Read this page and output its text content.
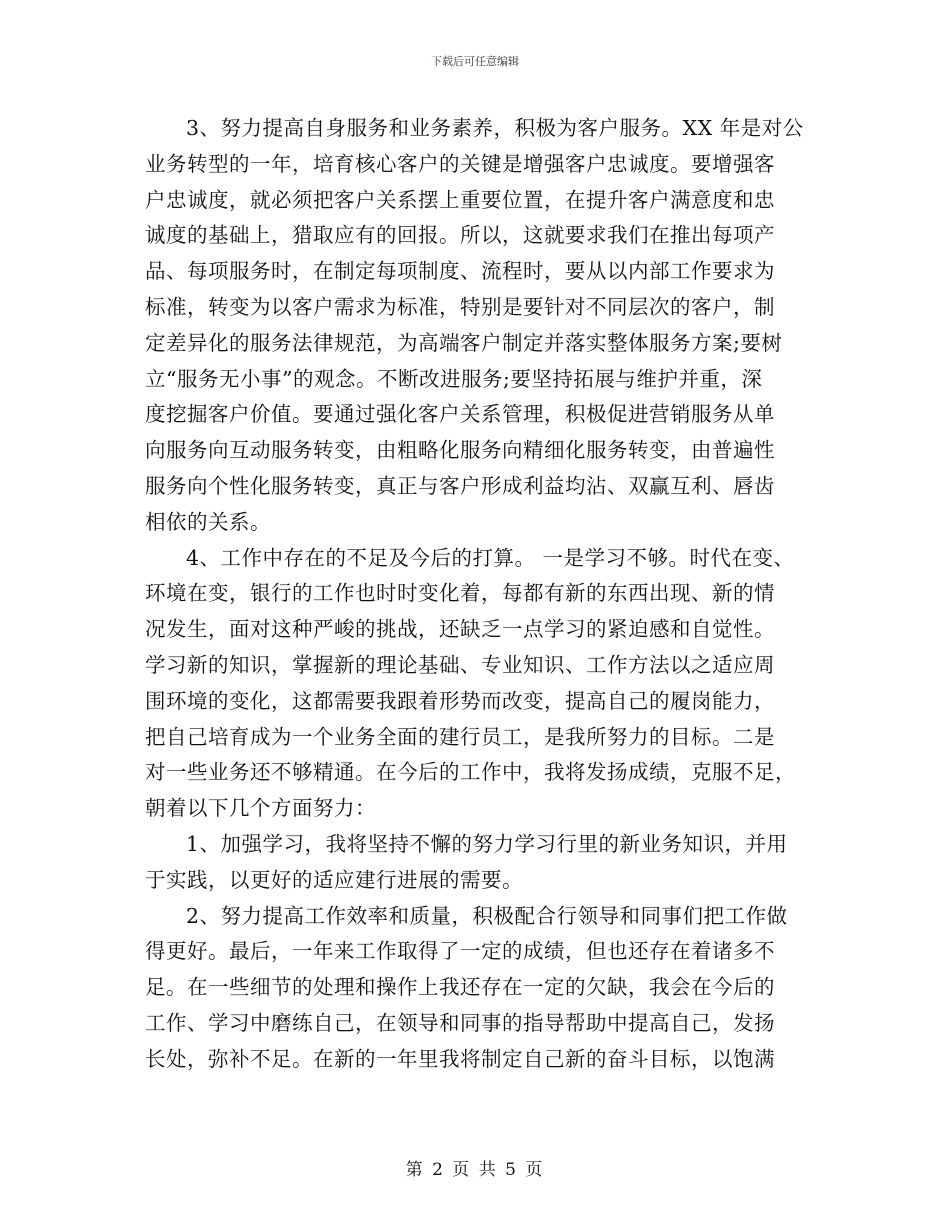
下载后可任意编辑
3、努力提高自身服务和业务素养，积极为客户服务。XX 年是对公
业务转型的一年，培育核心客户的关键是增强客户忠诚度。要增强客
户忠诚度，就必须把客户关系摆上重要位置，在提升客户满意度和忠
诚度的基础上，猎取应有的回报。所以，这就要求我们在推出每项产
品、每项服务时，在制定每项制度、流程时，要从以内部工作要求为
标准，转变为以客户需求为标准，特别是要针对不同层次的客户，制
定差异化的服务法律规范，为高端客户制定并落实整体服务方案;要树
立“服务无小事”的观念。不断改进服务;要坚持拓展与维护并重，深
度挖掘客户价值。要通过强化客户关系管理，积极促进营销服务从单
向服务向互动服务转变，由粗略化服务向精细化服务转变，由普遍性
服务向个性化服务转变，真正与客户形成利益均沾、双赢互利、唇齿
相依的关系。
4、工作中存在的不足及今后的打算。 一是学习不够。时代在变、
环境在变，银行的工作也时时变化着，每都有新的东西出现、新的情
况发生，面对这种严峻的挑战，还缺乏一点学习的紧迫感和自觉性。
学习新的知识，掌握新的理论基础、专业知识、工作方法以之适应周
围环境的变化，这都需要我跟着形势而改变，提高自己的履岗能力，
把自己培育成为一个业务全面的建行员工，是我所努力的目标。二是
对一些业务还不够精通。在今后的工作中，我将发扬成绩，克服不足，
朝着以下几个方面努力：
1、加强学习，我将坚持不懈的努力学习行里的新业务知识，并用
于实践，以更好的适应建行进展的需要。
2、努力提高工作效率和质量，积极配合行领导和同事们把工作做
得更好。最后，一年来工作取得了一定的成绩，但也还存在着诸多不
足。在一些细节的处理和操作上我还存在一定的欠缺，我会在今后的
工作、学习中磨练自己，在领导和同事的指导帮助中提高自己，发扬
长处，弥补不足。在新的一年里我将制定自己新的奋斗目标，以饱满
第 2 页 共 5 页
